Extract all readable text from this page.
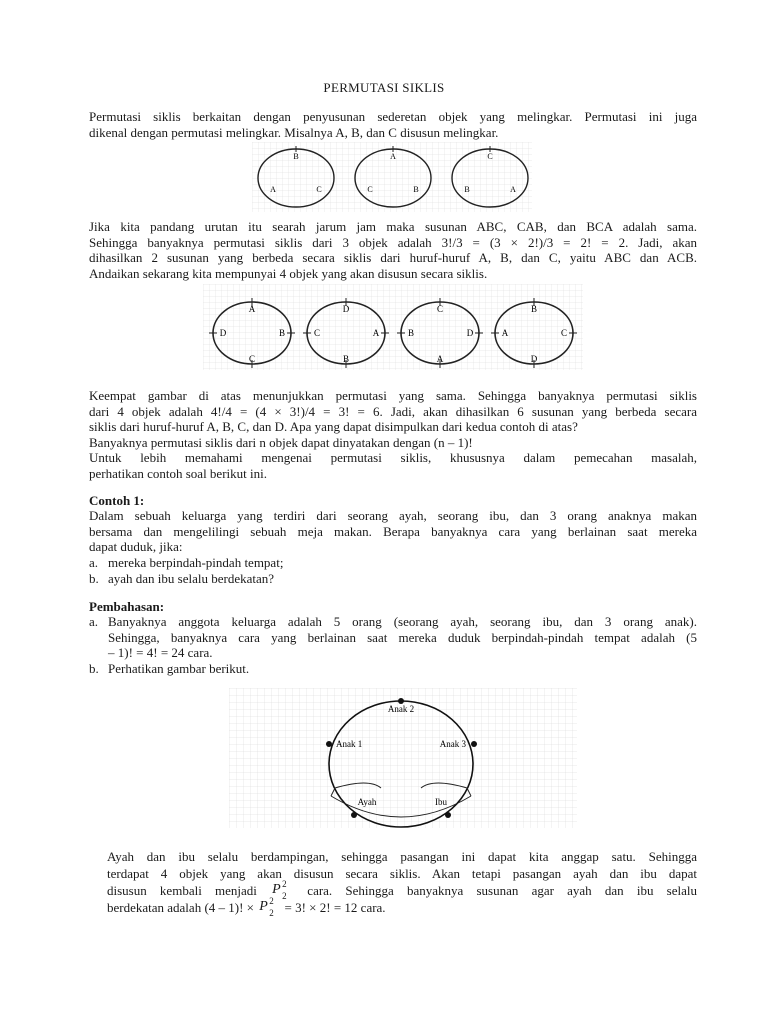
PERMUTASI SIKLIS

Permutasi siklis berkaitan dengan penyusunan sederetan objek yang melingkar. Permutasi ini juga
dikenal dengan permutasi melingkar. Misalnya A, B, dan C disusun melingkar.

B
A	C
A
C	B
C
B	A

Jika kita pandang urutan itu searah jarum jam maka susunan ABC, CAB, dan BCA adalah sama.
Sehingga banyaknya permutasi siklis dari 3 objek adalah 3!/3 = (3 × 2!)/3 = 2! = 2. Jadi, akan
dihasilkan 2 susunan yang berbeda secara siklis dari huruf-huruf A, B, dan C, yaitu ABC dan ACB.
Andaikan sekarang kita mempunyai 4 objek yang akan disusun secara siklis.

A
D	B
C
D
C	A
B
C
B	D
A
B
A	C
D

Keempat gambar di atas menunjukkan permutasi yang sama. Sehingga banyaknya permutasi siklis
dari 4 objek adalah 4!/4 = (4 × 3!)/4 = 3! = 6. Jadi, akan dihasilkan 6 susunan yang berbeda secara
siklis dari huruf-huruf A, B, C, dan D. Apa yang dapat disimpulkan dari kedua contoh di atas?
Banyaknya permutasi siklis dari n objek dapat dinyatakan dengan (n – 1)!
Untuk lebih memahami mengenai permutasi siklis, khususnya dalam pemecahan masalah,
perhatikan contoh soal berikut ini.

Contoh 1:

Dalam sebuah keluarga yang terdiri dari seorang ayah, seorang ibu, dan 3 orang anaknya makan
bersama dan mengelilingi sebuah meja makan. Berapa banyaknya cara yang berlainan saat mereka
dapat duduk, jika:

a. mereka berpindah-pindah tempat;
b. ayah dan ibu selalu berdekatan?
Pembahasan:
a. Banyaknya anggota keluarga adalah 5 orang (seorang ayah, seorang ibu, dan 3 orang anak).
Sehingga, banyaknya cara yang berlainan saat mereka duduk berpindah-pindah tempat adalah (5
– 1)! = 4! = 24 cara.
b. Perhatikan gambar berikut.
Anak 2
Anak 1	Anak 3
Ayah	Ibu
Ayah dan ibu selalu berdampingan, sehingga pasangan ini dapat kita anggap satu. Sehingga
terdapat 4 objek yang akan disusun secara siklis. Akan tetapi pasangan ayah dan ibu dapat
disusun kembali menjadi P 2
2 cara. Sehingga banyaknya susunan agar ayah dan ibu selalu
berdekatan adalah (4 – 1)! × P 2
2 = 3! × 2! = 12 cara.
